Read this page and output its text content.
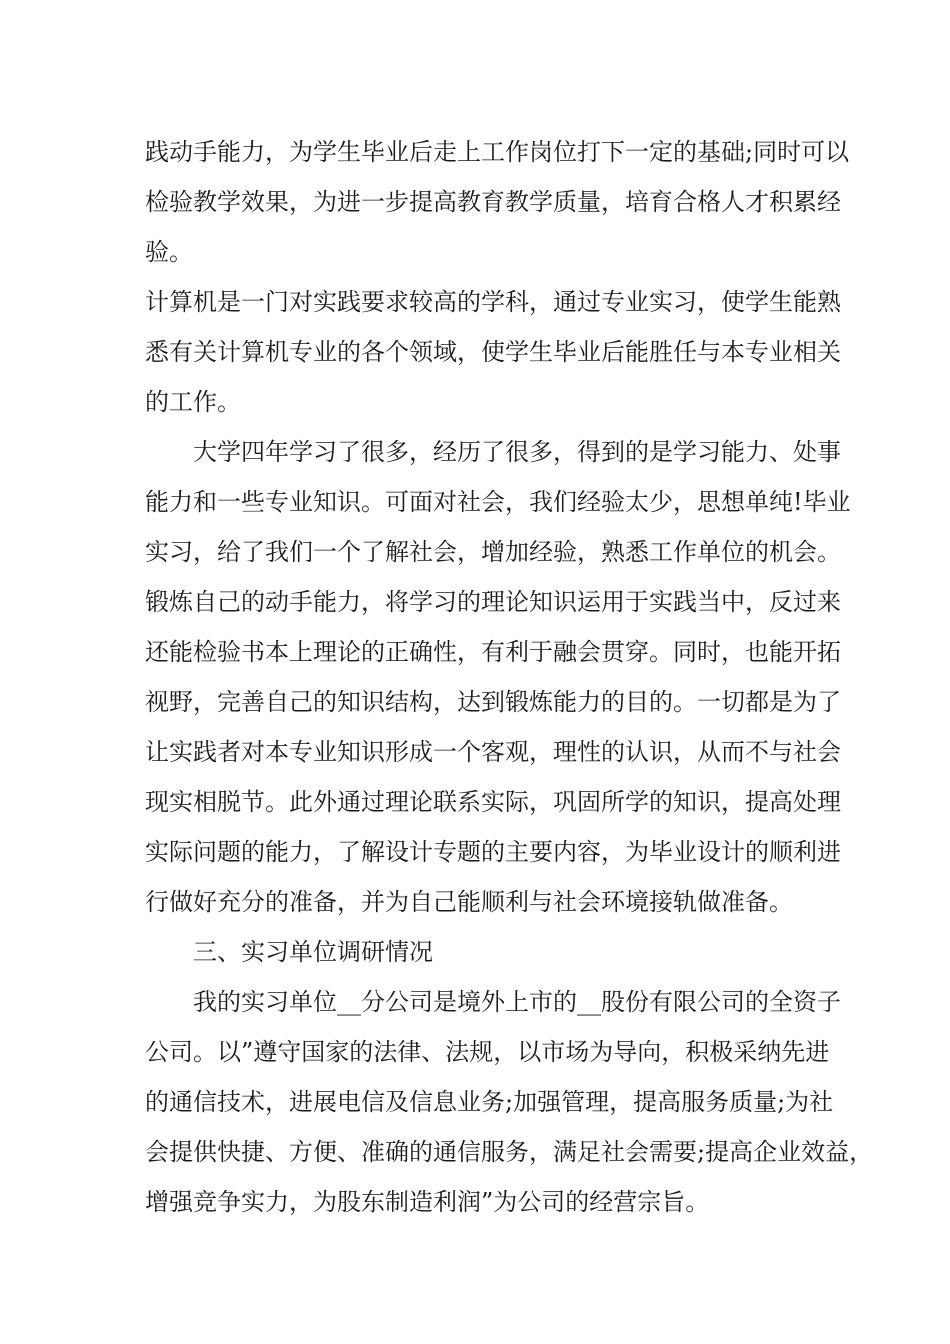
践动手能力，为学生毕业后走上工作岗位打下一定的基础;同时可以
检验教学效果，为进一步提高教育教学质量，培育合格人才积累经
验。
计算机是一门对实践要求较高的学科，通过专业实习，使学生能熟
悉有关计算机专业的各个领域，使学生毕业后能胜任与本专业相关
的工作。
大学四年学习了很多，经历了很多，得到的是学习能力、处事
能力和一些专业知识。可面对社会，我们经验太少，思想单纯!毕业
实习，给了我们一个了解社会，增加经验，熟悉工作单位的机会。
锻炼自己的动手能力，将学习的理论知识运用于实践当中，反过来
还能检验书本上理论的正确性，有利于融会贯穿。同时，也能开拓
视野，完善自己的知识结构，达到锻炼能力的目的。一切都是为了
让实践者对本专业知识形成一个客观，理性的认识，从而不与社会
现实相脱节。此外通过理论联系实际，巩固所学的知识，提高处理
实际问题的能力，了解设计专题的主要内容，为毕业设计的顺利进
行做好充分的准备，并为自己能顺利与社会环境接轨做准备。
三、实习单位调研情况
我的实习单位__分公司是境外上市的__股份有限公司的全资子
公司。以”遵守国家的法律、法规，以市场为导向，积极采纳先进
的通信技术，进展电信及信息业务;加强管理，提高服务质量;为社
会提供快捷、方便、准确的通信服务，满足社会需要;提高企业效益，
增强竞争实力，为股东制造利润”为公司的经营宗旨。
